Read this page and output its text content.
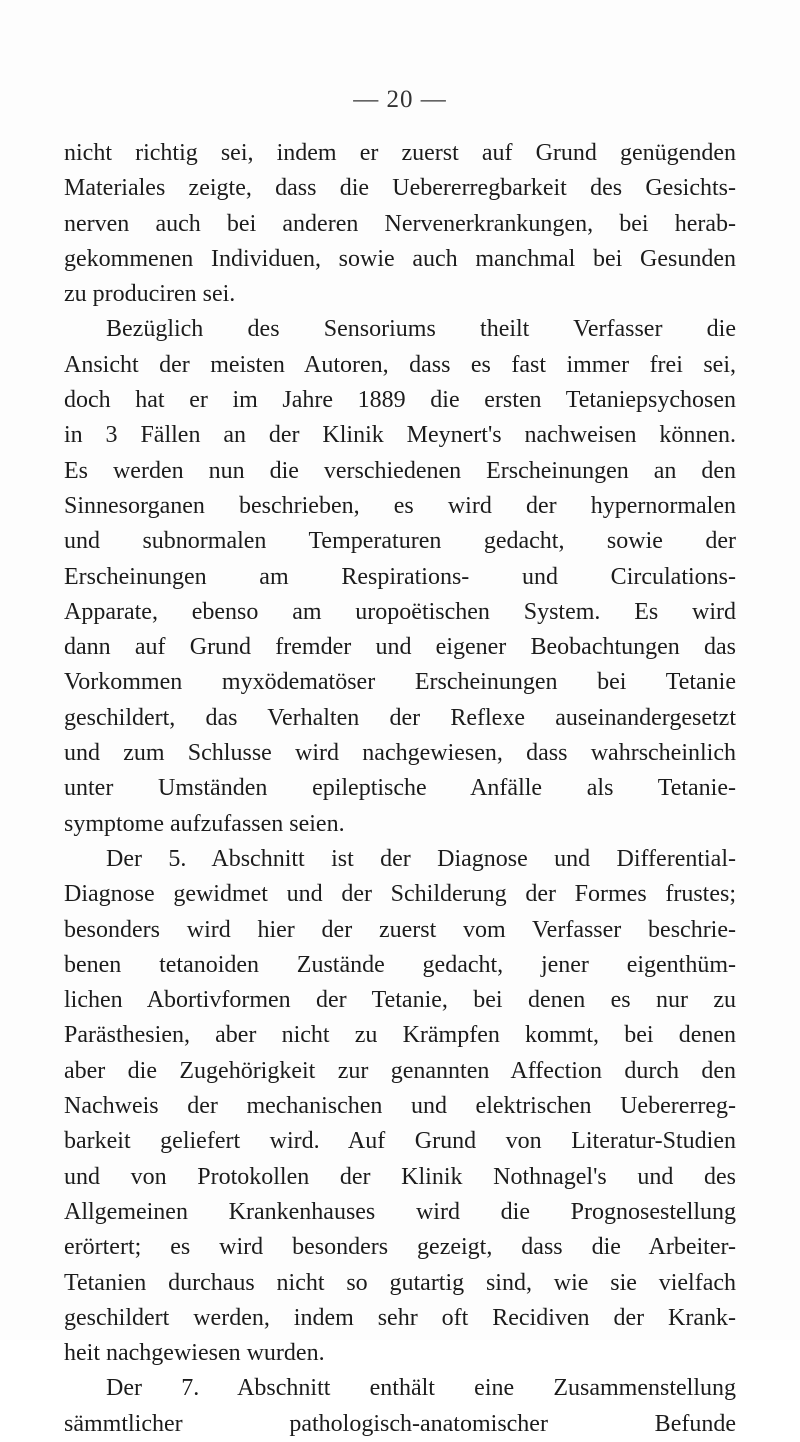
— 20 —
nicht richtig sei, indem er zuerst auf Grund genügenden
Materiales zeigte, dass die Uebererregbarkeit des Gesichts-
nerven auch bei anderen Nervenerkrankungen, bei herab-
gekommenen Individuen, sowie auch manchmal bei Gesunden
zu produciren sei.
Bezüglich des Sensoriums theilt Verfasser die
Ansicht der meisten Autoren, dass es fast immer frei sei,
doch hat er im Jahre 1889 die ersten Tetaniepsychosen
in 3 Fällen an der Klinik Meynert's nachweisen können.
Es werden nun die verschiedenen Erscheinungen an den
Sinnesorganen beschrieben, es wird der hypernormalen
und subnormalen Temperaturen gedacht, sowie der
Erscheinungen am Respirations- und Circulations-
Apparate, ebenso am uropoëtischen System. Es wird
dann auf Grund fremder und eigener Beobachtungen das
Vorkommen myxödematöser Erscheinungen bei Tetanie
geschildert, das Verhalten der Reflexe auseinandergesetzt
und zum Schlusse wird nachgewiesen, dass wahrscheinlich
unter Umständen epileptische Anfälle als Tetanie-
symptome aufzufassen seien.
Der 5. Abschnitt ist der Diagnose und Differential-
Diagnose gewidmet und der Schilderung der Formes frustes;
besonders wird hier der zuerst vom Verfasser beschrie-
benen tetanoiden Zustände gedacht, jener eigenthüm-
lichen Abortivformen der Tetanie, bei denen es nur zu
Parästhesien, aber nicht zu Krämpfen kommt, bei denen
aber die Zugehörigkeit zur genannten Affection durch den
Nachweis der mechanischen und elektrischen Uebererreg-
barkeit geliefert wird. Auf Grund von Literatur-Studien
und von Protokollen der Klinik Nothnagel's und des
Allgemeinen Krankenhauses wird die Prognosestellung
erörtert; es wird besonders gezeigt, dass die Arbeiter-
Tetanien durchaus nicht so gutartig sind, wie sie vielfach
geschildert werden, indem sehr oft Recidiven der Krank-
heit nachgewiesen wurden.
Der 7. Abschnitt enthält eine Zusammenstellung
sämmtlicher pathologisch-anatomischer Befunde
